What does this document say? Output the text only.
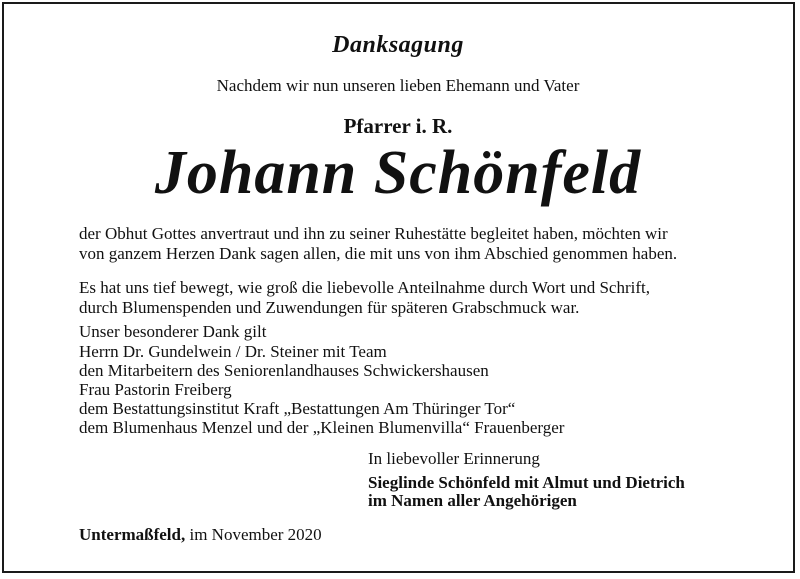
Danksagung
Nachdem wir nun unseren lieben Ehemann und Vater
Pfarrer i. R.
Johann Schönfeld
der Obhut Gottes anvertraut und ihn zu seiner Ruhestätte begleitet haben, möchten wir
von ganzem Herzen Dank sagen allen, die mit uns von ihm Abschied genommen haben.
Es hat uns tief bewegt, wie groß die liebevolle Anteilnahme durch Wort und Schrift,
durch Blumenspenden und Zuwendungen für späteren Grabschmuck war.
Unser besonderer Dank gilt
Herrn Dr. Gundelwein / Dr. Steiner mit Team
den Mitarbeitern des Seniorenlandhauses Schwickershausen
Frau Pastorin Freiberg
dem Bestattungsinstitut Kraft „Bestattungen Am Thüringer Tor“
dem Blumenhaus Menzel und der „Kleinen Blumenvilla“ Frauenberger
In liebevoller Erinnerung
Sieglinde Schönfeld mit Almut und Dietrich
im Namen aller Angehörigen
Untermaßfeld, im November 2020
